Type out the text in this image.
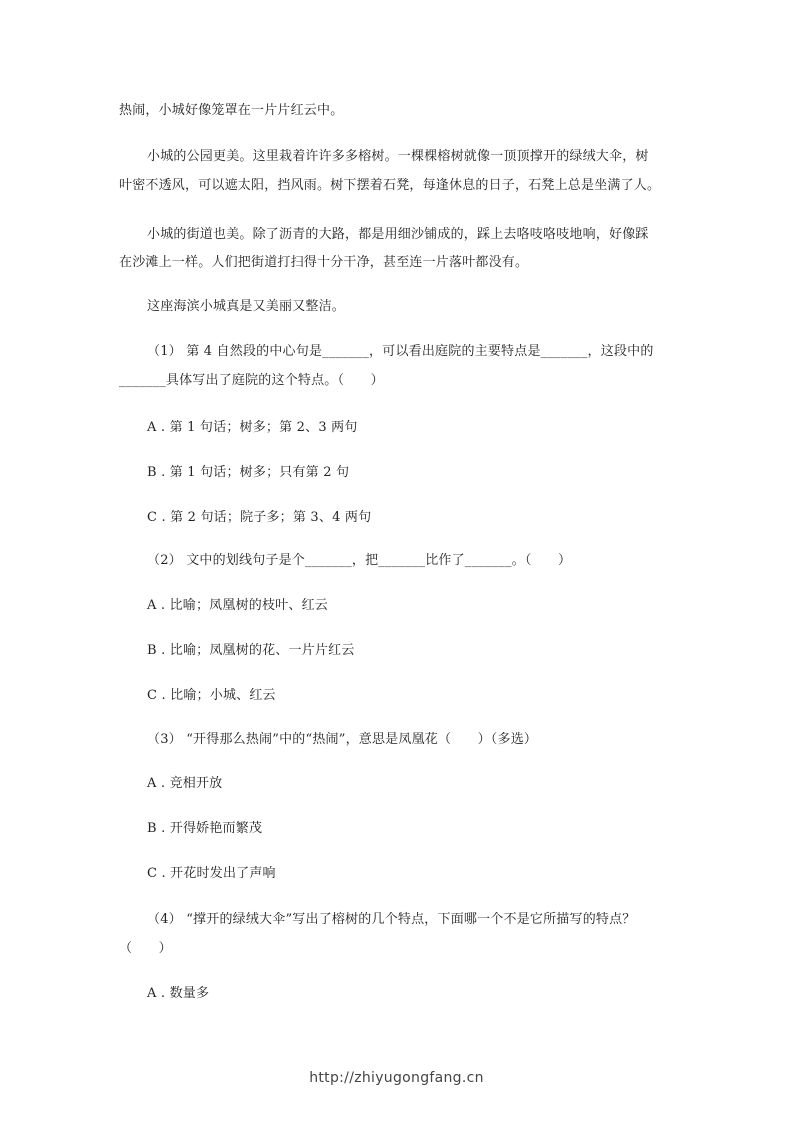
热闹，小城好像笼罩在一片片红云中。
小城的公园更美。这里栽着许许多多榕树。一棵棵榕树就像一顶顶撑开的绿绒大伞，树
叶密不透风，可以遮太阳，挡风雨。树下摆着石凳，每逢休息的日子，石凳上总是坐满了人。
小城的街道也美。除了沥青的大路，都是用细沙铺成的，踩上去咯吱咯吱地响，好像踩
在沙滩上一样。人们把街道打扫得十分干净，甚至连一片落叶都没有。
这座海滨小城真是又美丽又整洁。
（1） 第 4 自然段的中心句是_______，可以看出庭院的主要特点是_______，这段中的
_______具体写出了庭院的这个特点。（　　）
A . 第 1 句话；树多；第 2、3 两句
B . 第 1 句话；树多；只有第 2 句
C . 第 2 句话；院子多；第 3、4 两句
（2） 文中的划线句子是个_______，把_______比作了_______。（　　）
A . 比喻；凤凰树的枝叶、红云
B . 比喻；凤凰树的花、一片片红云
C . 比喻；小城、红云
（3） “开得那么热闹”中的“热闹”，意思是凤凰花（　　）（多选）
A . 竞相开放
B . 开得娇艳而繁茂
C . 开花时发出了声响
（4） “撑开的绿绒大伞”写出了榕树的几个特点，下面哪一个不是它所描写的特点？
（　　）
A . 数量多
http://zhiyugongfang.cn
